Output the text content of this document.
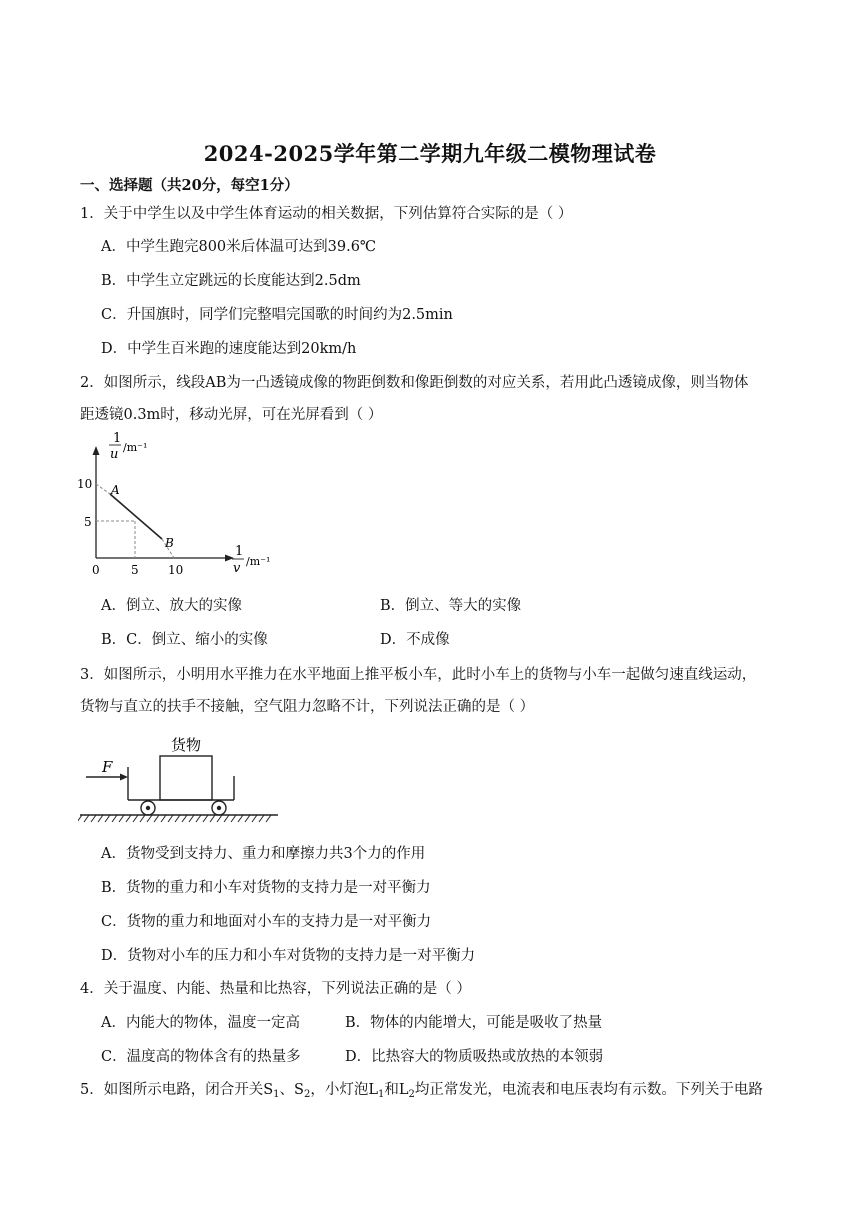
2024-2025学年第二学期九年级二模物理试卷
一、选择题（共20分，每空1分）
1．关于中学生以及中学生体育运动的相关数据，下列估算符合实际的是（ ）
A．中学生跑完800米后体温可达到39.6℃
B．中学生立定跳远的长度能达到2.5dm
C．升国旗时，同学们完整唱完国歌的时间约为2.5min
D．中学生百米跑的速度能达到20km/h
2．如图所示，线段AB为一凸透镜成像的物距倒数和像距倒数的对应关系，若用此凸透镜成像，则当物体
距透镜0.3m时，移动光屏，可在光屏看到（ ）
1
u /m⁻¹
1
v /m⁻¹
10
5
0	5 10
A
B
A．倒立、放大的实像	B．倒立、等大的实像
B．C．倒立、缩小的实像	D．不成像
3．如图所示，小明用水平推力在水平地面上推平板小车，此时小车上的货物与小车一起做匀速直线运动，
货物与直立的扶手不接触，空气阻力忽略不计，下列说法正确的是（ ）
货物
F
A．货物受到支持力、重力和摩擦力共3个力的作用
B．货物的重力和小车对货物的支持力是一对平衡力
C．货物的重力和地面对小车的支持力是一对平衡力
D．货物对小车的压力和小车对货物的支持力是一对平衡力
4．关于温度、内能、热量和比热容，下列说法正确的是（ ）
A．内能大的物体，温度一定高	B．物体的内能增大，可能是吸收了热量
C．温度高的物体含有的热量多	D．比热容大的物质吸热或放热的本领弱
5．如图所示电路，闭合开关$S_1$、$S_2$，小灯泡$L_1$和$L_2$均正常发光，电流表和电压表均有示数。下列关于电路
